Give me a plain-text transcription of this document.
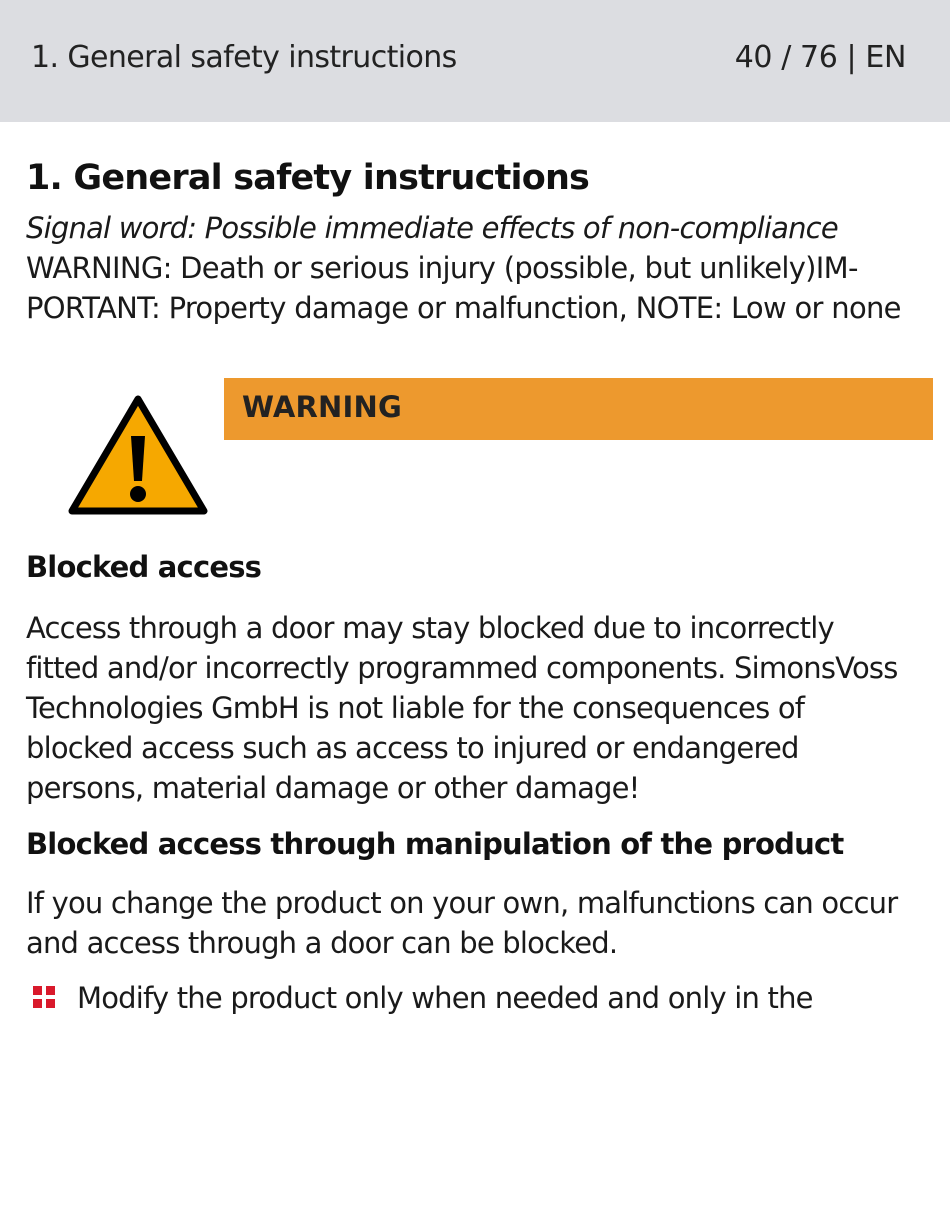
1. General safety instructions	40 / 76 | EN
1. General safety instructions
Signal word: Possible immediate effects of non-compliance
WARNING: Death or serious injury (possible, but unlikely)IMPORTANT: Property damage or malfunction, NOTE: Low or none
WARNING
Blocked access
Access through a door may stay blocked due to incorrectly fitted and/or incorrectly programmed components. SimonsVoss Technologies GmbH is not liable for the consequences of blocked access such as access to injured or endangered persons, material damage or other damage!
Blocked access through manipulation of the product
If you change the product on your own, malfunctions can occur and access through a door can be blocked.
Modify the product only when needed and only in the
